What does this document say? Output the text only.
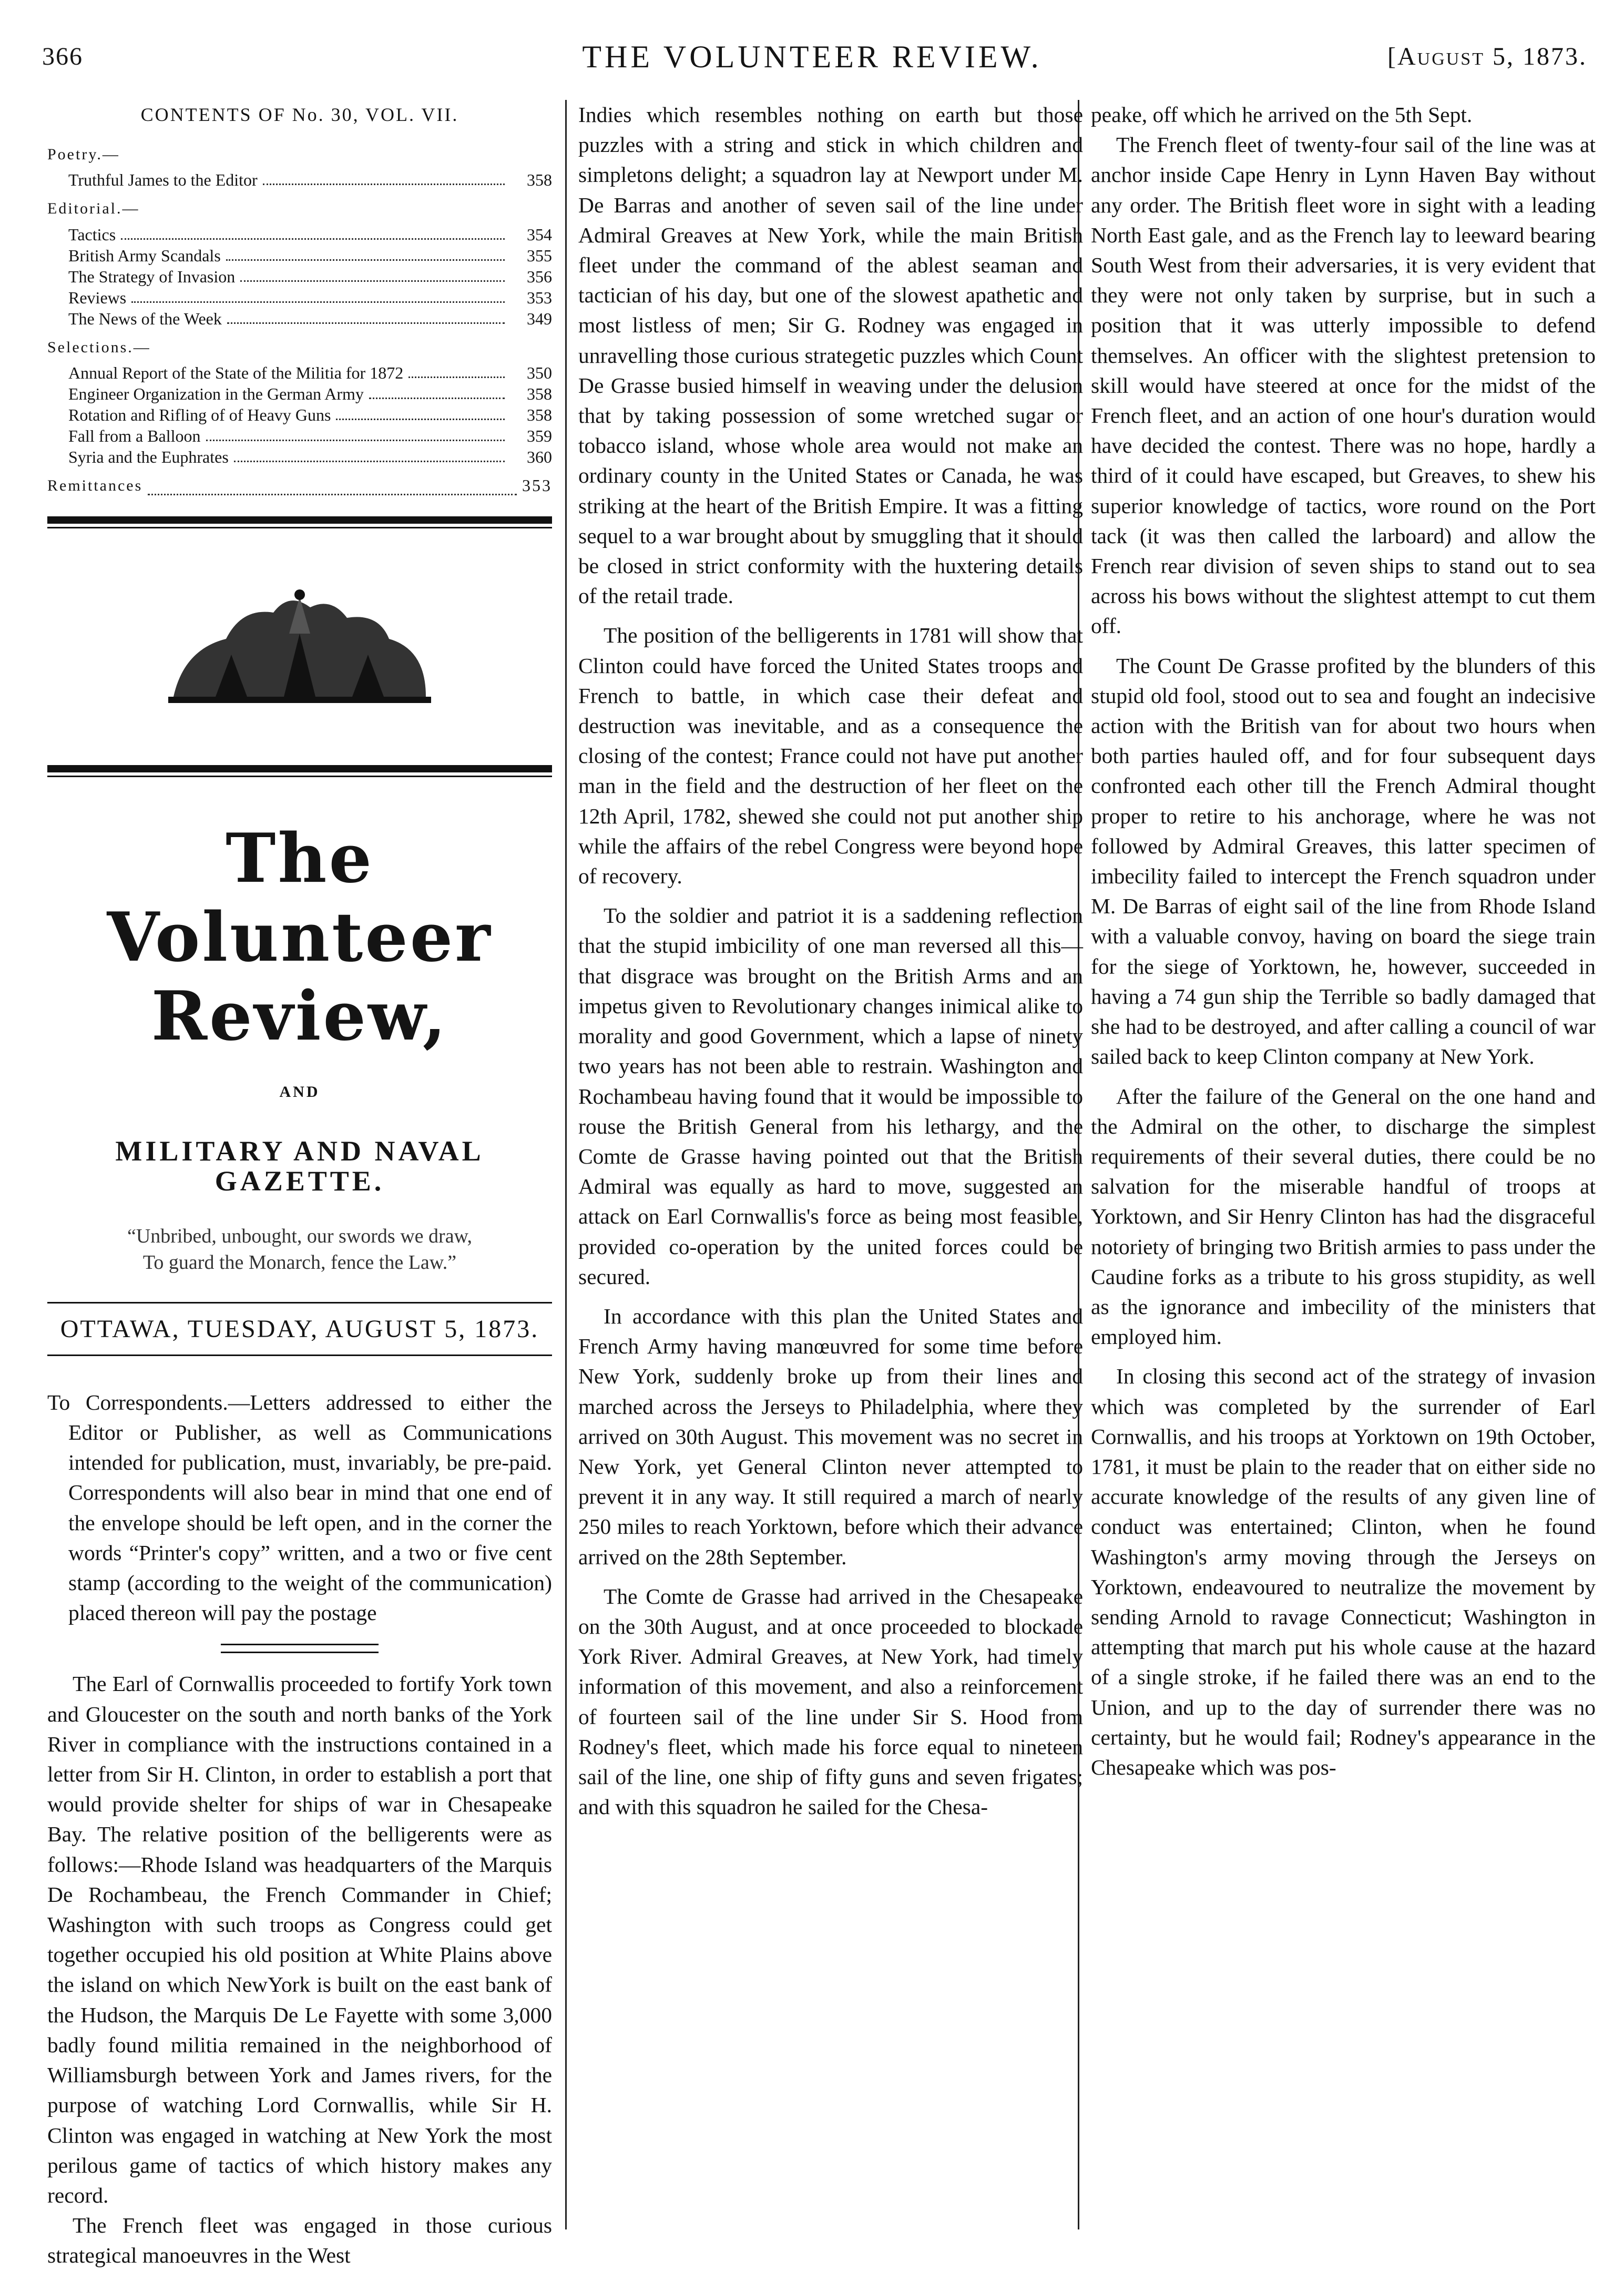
366	THE VOLUNTEER REVIEW.	[August 5, 1873.
CONTENTS OF No. 30, VOL. VII.
Poetry.—
Truthful James to the Editor	358
Editorial.—
Tactics	354
British Army Scandals	355
The Strategy of Invasion	356
Reviews	353
The News of the Week	349
Selections.—
Annual Report of the State of the Militia for 1872	350
Engineer Organization in the German Army	358
Rotation and Rifling of of Heavy Guns	358
Fall from a Balloon	359
Syria and the Euphrates	360
Remittances	353
The Volunteer Review,
AND
MILITARY AND NAVAL GAZETTE.
“Unbribed, unbought, our swords we draw,
To guard the Monarch, fence the Law.”
OTTAWA, TUESDAY, AUGUST 5, 1873.

To Correspondents.—Letters addressed to either the Editor or Publisher, as well as Communications intended for publication, must, invariably, be pre-paid. Correspondents will also bear in mind that one end of the envelope should be left open, and in the corner the words “Printer's copy” written, and a two or five cent stamp (according to the weight of the communication) placed thereon will pay the postage

The Earl of Cornwallis proceeded to fortify York town and Gloucester on the south and north banks of the York River in compliance with the instructions contained in a letter from Sir H. Clinton, in order to establish a port that would provide shelter for ships of war in Chesapeake Bay. The relative position of the belligerents were as follows:—Rhode Island was headquarters of the Marquis De Rochambeau, the French Commander in Chief; Washington with such troops as Congress could get together occupied his old position at White Plains above the island on which NewYork is built on the east bank of the Hudson, the Marquis De Le Fayette with some 3,000 badly found militia remained in the neighborhood of Williamsburgh between York and James rivers, for the purpose of watching Lord Cornwallis, while Sir H. Clinton was engaged in watching at New York the most perilous game of tactics of which history makes any record.

The French fleet was engaged in those curious strategical manoeuvres in the West

Indies which resembles nothing on earth but those puzzles with a string and stick in which children and simpletons delight; a squadron lay at Newport under M. De Barras and another of seven sail of the line under Admiral Greaves at New York, while the main British fleet under the command of the ablest seaman and tactician of his day, but one of the slowest apathetic and most listless of men; Sir G. Rodney was engaged in unravelling those curious strategetic puzzles which Count De Grasse busied himself in weaving under the delusion that by taking possession of some wretched sugar or tobacco island, whose whole area would not make an ordinary county in the United States or Canada, he was striking at the heart of the British Empire. It was a fitting sequel to a war brought about by smuggling that it should be closed in strict conformity with the huxtering details of the retail trade.

The position of the belligerents in 1781 will show that Clinton could have forced the United States troops and French to battle, in which case their defeat and destruction was inevitable, and as a consequence the closing of the contest; France could not have put another man in the field and the destruction of her fleet on the 12th April, 1782, shewed she could not put another ship while the affairs of the rebel Congress were beyond hope of recovery.

To the soldier and patriot it is a saddening reflection that the stupid imbicility of one man reversed all this—that disgrace was brought on the British Arms and an impetus given to Revolutionary changes inimical alike to morality and good Government, which a lapse of ninety two years has not been able to restrain. Washington and Rochambeau having found that it would be impossible to rouse the British General from his lethargy, and the Comte de Grasse having pointed out that the British Admiral was equally as hard to move, suggested an attack on Earl Cornwallis's force as being most feasible, provided co-operation by the united forces could be secured.

In accordance with this plan the United States and French Army having manœuvred for some time before New York, suddenly broke up from their lines and marched across the Jerseys to Philadelphia, where they arrived on 30th August. This movement was no secret in New York, yet General Clinton never attempted to prevent it in any way. It still required a march of nearly 250 miles to reach Yorktown, before which their advance arrived on the 28th September.

The Comte de Grasse had arrived in the Chesapeake on the 30th August, and at once proceeded to blockade York River. Admiral Greaves, at New York, had timely information of this movement, and also a reinforcement of fourteen sail of the line under Sir S. Hood from Rodney's fleet, which made his force equal to nineteen sail of the line, one ship of fifty guns and seven frigates; and with this squadron he sailed for the Chesa-

peake, off which he arrived on the 5th Sept.

The French fleet of twenty-four sail of the line was at anchor inside Cape Henry in Lynn Haven Bay without any order. The British fleet wore in sight with a leading North East gale, and as the French lay to leeward bearing South West from their adversaries, it is very evident that they were not only taken by surprise, but in such a position that it was utterly impossible to defend themselves. An officer with the slightest pretension to skill would have steered at once for the midst of the French fleet, and an action of one hour's duration would have decided the contest. There was no hope, hardly a third of it could have escaped, but Greaves, to shew his superior knowledge of tactics, wore round on the Port tack (it was then called the larboard) and allow the French rear division of seven ships to stand out to sea across his bows without the slightest attempt to cut them off.

The Count De Grasse profited by the blunders of this stupid old fool, stood out to sea and fought an indecisive action with the British van for about two hours when both parties hauled off, and for four subsequent days confronted each other till the French Admiral thought proper to retire to his anchorage, where he was not followed by Admiral Greaves, this latter specimen of imbecility failed to intercept the French squadron under M. De Barras of eight sail of the line from Rhode Island with a valuable convoy, having on board the siege train for the siege of Yorktown, he, however, succeeded in having a 74 gun ship the Terrible so badly damaged that she had to be destroyed, and after calling a council of war sailed back to keep Clinton company at New York.

After the failure of the General on the one hand and the Admiral on the other, to discharge the simplest requirements of their several duties, there could be no salvation for the miserable handful of troops at Yorktown, and Sir Henry Clinton has had the disgraceful notoriety of bringing two British armies to pass under the Caudine forks as a tribute to his gross stupidity, as well as the ignorance and imbecility of the ministers that employed him.

In closing this second act of the strategy of invasion which was completed by the surrender of Earl Cornwallis, and his troops at Yorktown on 19th October, 1781, it must be plain to the reader that on either side no accurate knowledge of the results of any given line of conduct was entertained; Clinton, when he found Washington's army moving through the Jerseys on Yorktown, endeavoured to neutralize the movement by sending Arnold to ravage Connecticut; Washington in attempting that march put his whole cause at the hazard of a single stroke, if he failed there was an end to the Union, and up to the day of surrender there was no certainty, but he would fail; Rodney's appearance in the Chesapeake which was pos-
